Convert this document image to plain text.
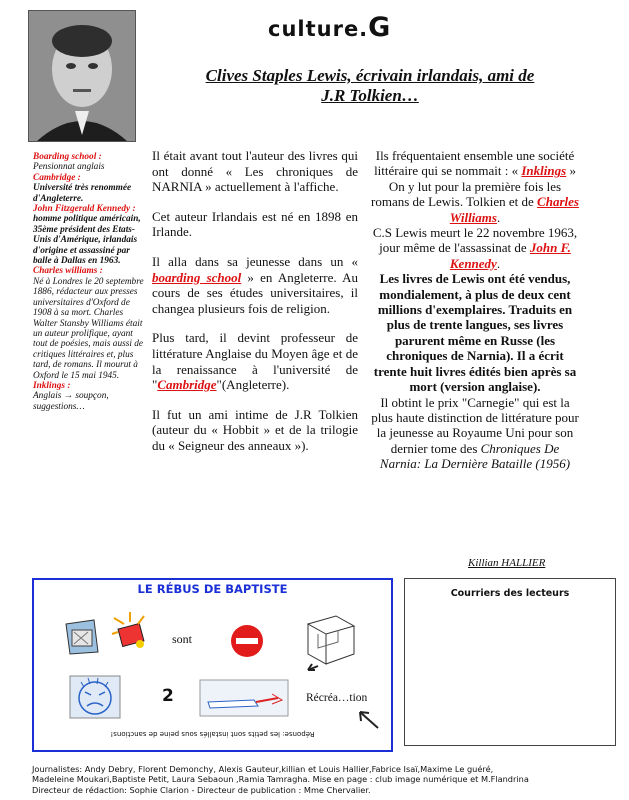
culture.G
Clives Staples Lewis, écrivain irlandais, ami de
J.R Tolkien…
Boarding school : Pensionnat anglais
Cambridge :
Université très renommée d'Angleterre.
John Fitzgerald Kennedy :
homme politique américain, 35ème président des Etats-Unis d'Amérique, irlandais d'origine et assassiné par balle à Dallas en 1963.
Charles williams :
Né à Londres le 20 septembre 1886, rédacteur aux presses universitaires d'Oxford de 1908 à sa mort. Charles Walter Stansby Williams était un auteur prolifique, ayant tout de poésies, mais aussi de critiques littéraires et, plus tard, de romans. Il mourut à Oxford le 15 mai 1945.
Inklings :
Anglais → soupçon, suggestions…

Il était avant tout l'auteur des livres qui ont donné « Les chroniques de NARNIA » actuellement à l'affiche.

Cet auteur Irlandais est né en 1898 en Irlande.

Il alla dans sa jeunesse dans un « boarding school » en Angleterre. Au cours de ses études universitaires, il changea plusieurs fois de religion.

Plus tard, il devint professeur de littérature Anglaise du Moyen âge et de la renaissance à l'université de "Cambridge"(Angleterre).

Il fut un ami intime de J.R Tolkien (auteur du « Hobbit » et de la trilogie du « Seigneur des anneaux »).

Ils fréquentaient ensemble une société littéraire qui se nommait : « Inklings » On y lut pour la première fois les romans de Lewis. Tolkien et de Charles Williams.

C.S Lewis meurt le 22 novembre 1963, jour même de l'assassinat de John F. Kennedy.

Les livres de Lewis ont été vendus, mondialement, à plus de deux cent millions d'exemplaires. Traduits en plus de trente langues, ses livres parurent même en Russe (les chroniques de Narnia). Il a écrit trente huit livres édités bien après sa mort (version anglaise).

Il obtint le prix "Carnegie" qui est la plus haute distinction de littérature pour la jeunesse au Royaume Uni pour son dernier tome des Chroniques De Narnia: La Dernière Bataille (1956)

Killian HALLIER
LE RÉBUS DE BAPTISTE
sont
2	Récréa…tion
Réponse: les petits sont installés sous peine de sanctions!
Courriers des lecteurs
Journalistes: Andy Debry, Florent Demonchy, Alexis Gauteur,killian et Louis Hallier,Fabrice Isaï,Maxime Le guéré,
Madeleine Moukari,Baptiste Petit, Laura Sebaoun ,Ramia Tamragha. Mise en page : club image numérique et M.Flandrina
Directeur de rédaction: Sophie Clarion - Directeur de publication : Mme Chervalier.
